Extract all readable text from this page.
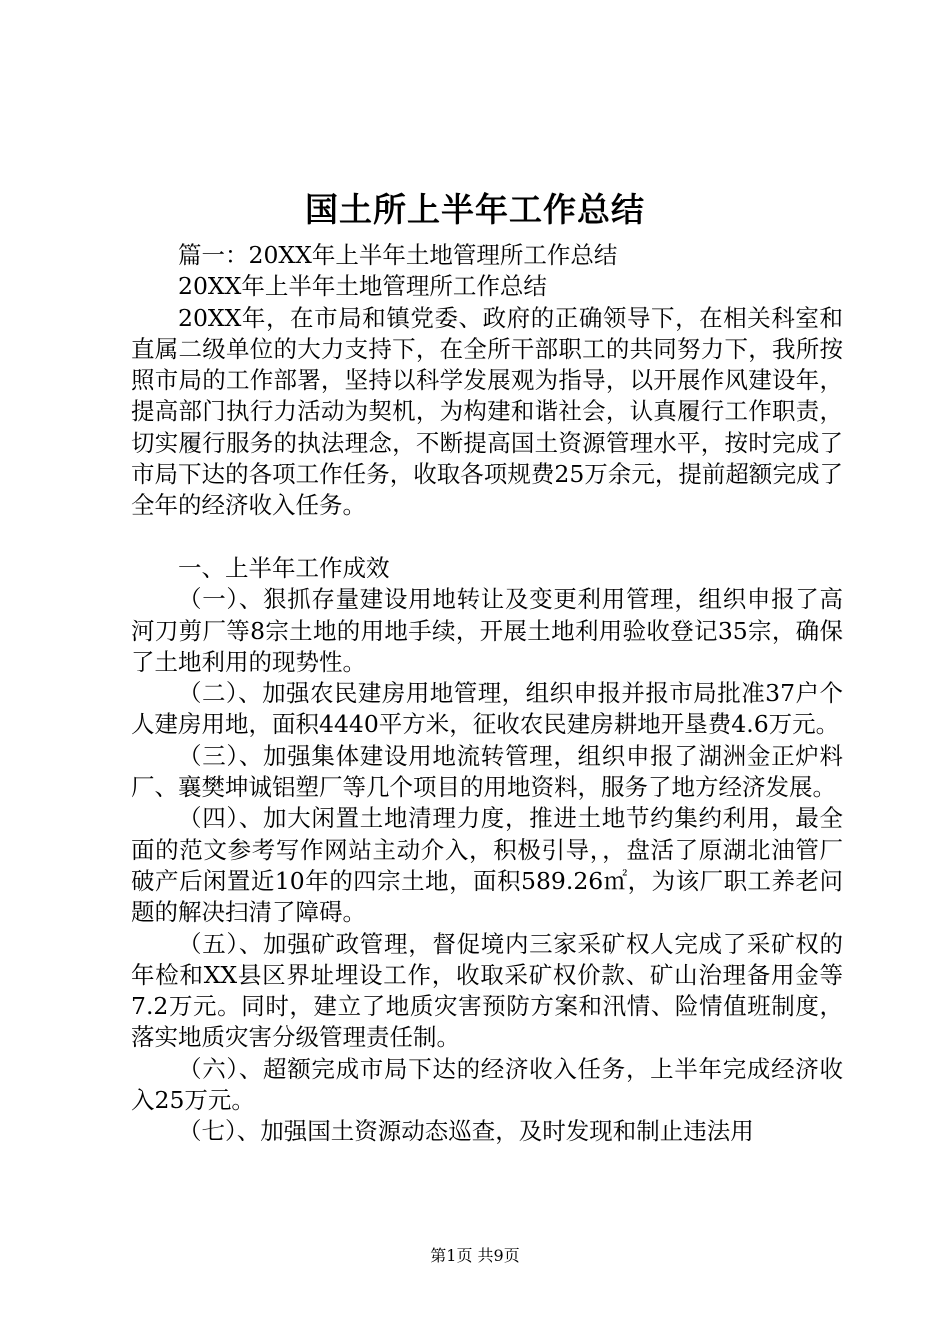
国土所上半年工作总结

篇一：20XX年上半年土地管理所工作总结

20XX年上半年土地管理所工作总结

20XX年，在市局和镇党委、政府的正确领导下，在相关科室和直属二级单位的大力支持下，在全所干部职工的共同努力下，我所按照市局的工作部署，坚持以科学发展观为指导，以开展作风建设年，提高部门执行力活动为契机，为构建和谐社会，认真履行工作职责，切实履行服务的执法理念，不断提高国土资源管理水平，按时完成了市局下达的各项工作任务，收取各项规费25万余元，提前超额完成了全年的经济收入任务。

一、上半年工作成效

（一）、狠抓存量建设用地转让及变更利用管理，组织申报了高河刀剪厂等8宗土地的用地手续，开展土地利用验收登记35宗，确保了土地利用的现势性。

（二）、加强农民建房用地管理，组织申报并报市局批准37户个人建房用地，面积4440平方米，征收农民建房耕地开垦费4.6万元。

（三）、加强集体建设用地流转管理，组织申报了湖洲金正炉料厂、襄樊坤诚铝塑厂等几个项目的用地资料，服务了地方经济发展。

（四）、加大闲置土地清理力度，推进土地节约集约利用，最全面的范文参考写作网站主动介入，积极引导，，盘活了原湖北油管厂破产后闲置近10年的四宗土地，面积589.26㎡，为该厂职工养老问题的解决扫清了障碍。

（五）、加强矿政管理，督促境内三家采矿权人完成了采矿权的年检和XX县区界址埋设工作，收取采矿权价款、矿山治理备用金等7.2万元。同时，建立了地质灾害预防方案和汛情、险情值班制度，落实地质灾害分级管理责任制。

（六）、超额完成市局下达的经济收入任务，上半年完成经济收入25万元。

（七）、加强国土资源动态巡查，及时发现和制止违法用

第1页 共9页
